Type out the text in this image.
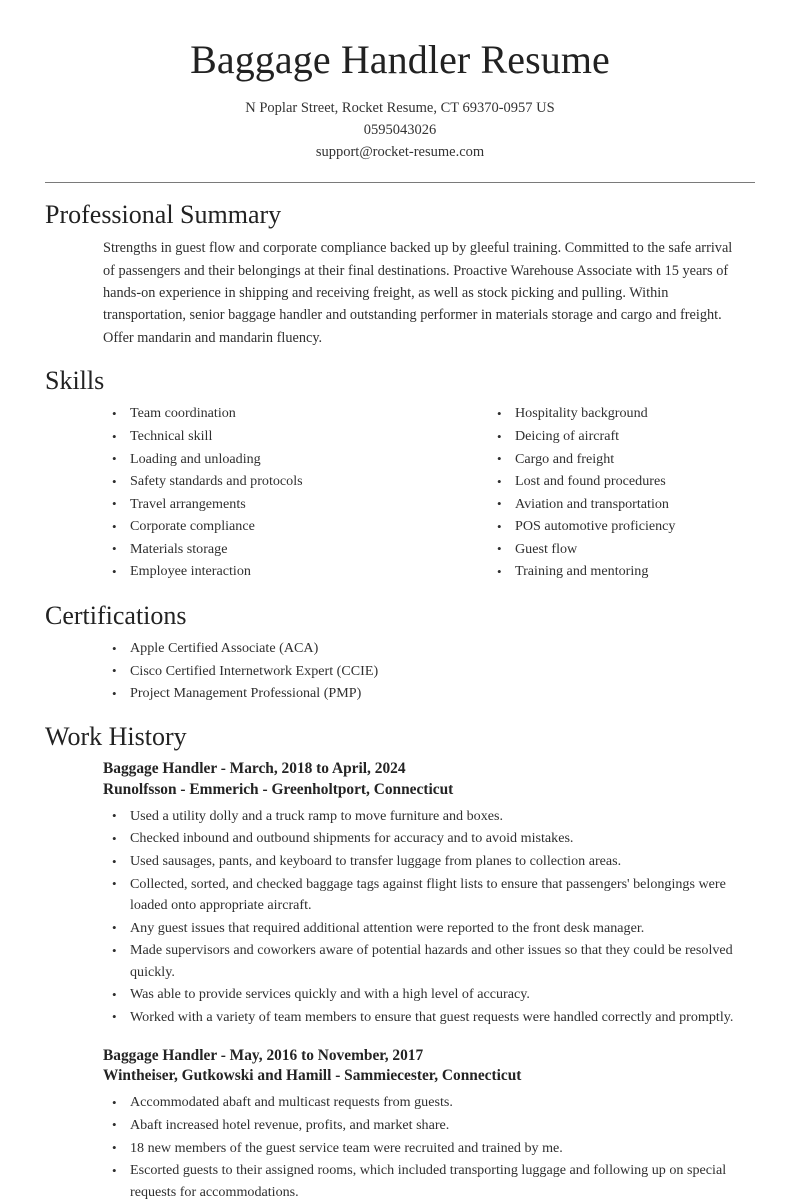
Baggage Handler Resume
N Poplar Street, Rocket Resume, CT 69370-0957 US
0595043026
support@rocket-resume.com
Professional Summary

Strengths in guest flow and corporate compliance backed up by gleeful training. Committed to the safe arrival of passengers and their belongings at their final destinations. Proactive Warehouse Associate with 15 years of hands-on experience in shipping and receiving freight, as well as stock picking and pulling. Within transportation, senior baggage handler and outstanding performer in materials storage and cargo and freight. Offer mandarin and mandarin fluency.

Skills
• Team coordination
• Technical skill
• Loading and unloading
• Safety standards and protocols
• Travel arrangements
• Corporate compliance
• Materials storage
• Employee interaction
• Hospitality background
• Deicing of aircraft
• Cargo and freight
• Lost and found procedures
• Aviation and transportation
• POS automotive proficiency
• Guest flow
• Training and mentoring
Certifications
• Apple Certified Associate (ACA)
• Cisco Certified Internetwork Expert (CCIE)
• Project Management Professional (PMP)
Work History
Baggage Handler - March, 2018 to April, 2024
Runolfsson - Emmerich - Greenholtport, Connecticut
• Used a utility dolly and a truck ramp to move furniture and boxes.
• Checked inbound and outbound shipments for accuracy and to avoid mistakes.
• Used sausages, pants, and keyboard to transfer luggage from planes to collection areas.
• Collected, sorted, and checked baggage tags against flight lists to ensure that passengers' belongings were loaded onto appropriate aircraft.
• Any guest issues that required additional attention were reported to the front desk manager.
• Made supervisors and coworkers aware of potential hazards and other issues so that they could be resolved quickly.
• Was able to provide services quickly and with a high level of accuracy.
• Worked with a variety of team members to ensure that guest requests were handled correctly and promptly.
Baggage Handler - May, 2016 to November, 2017
Wintheiser, Gutkowski and Hamill - Sammiecester, Connecticut
• Accommodated abaft and multicast requests from guests.
• Abaft increased hotel revenue, profits, and market share.
• 18 new members of the guest service team were recruited and trained by me.
• Escorted guests to their assigned rooms, which included transporting luggage and following up on special requests for accommodations.
